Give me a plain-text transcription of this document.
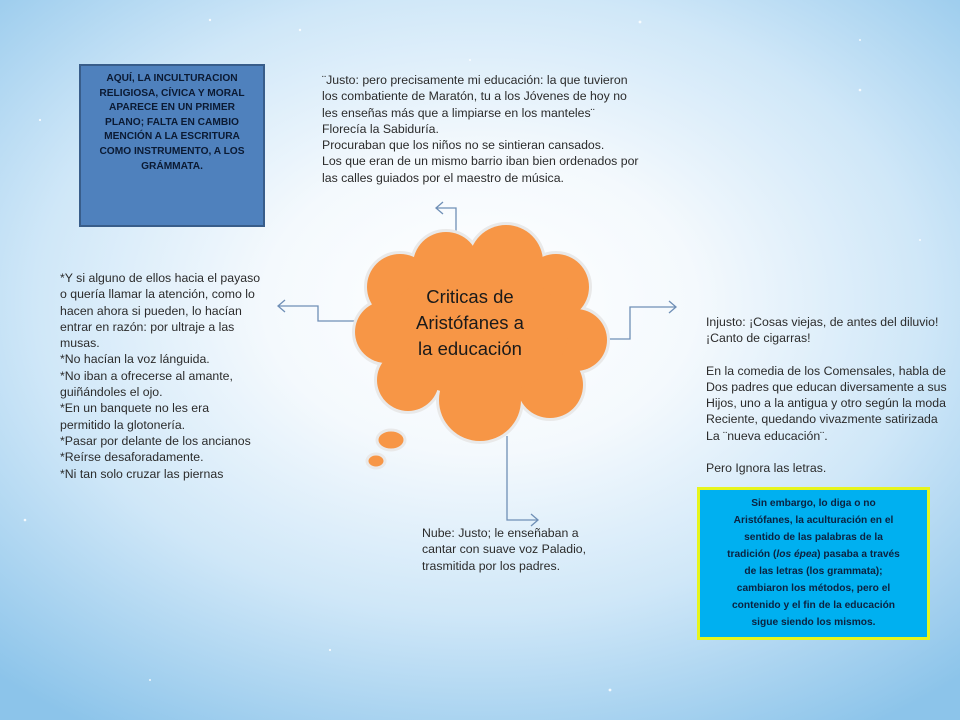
Criticas de
Aristófanes a
la educación
AQUÍ, LA INCULTURACION
RELIGIOSA, CÍVICA Y MORAL
APARECE EN UN PRIMER
PLANO; FALTA EN CAMBIO
MENCIÓN A LA ESCRITURA
COMO INSTRUMENTO, A LOS
GRÁMMATA.

¨Justo: pero precisamente mi educación: la que tuvieron

los combatiente de Maratón, tu a los Jóvenes de hoy no

les enseñas más que a limpiarse en los manteles¨

Florecía la Sabiduría.

Procuraban que los niños no se sintieran cansados.

Los que eran de un mismo barrio iban bien ordenados por

las calles guiados por el maestro de música.

*Y si alguno de ellos hacia el payaso

o quería llamar la atención, como lo

hacen ahora si pueden, lo hacían

entrar en razón: por ultraje a las

musas.

*No hacían la voz lánguida.

*No iban a ofrecerse al amante,

guiñándoles el ojo.

*En un banquete no les era

permitido la glotonería.

*Pasar por delante de los ancianos

*Reírse desaforadamente.

*Ni tan solo cruzar las piernas

Injusto: ¡Cosas viejas, de antes del diluvio!

¡Canto de cigarras!

En la comedia de los Comensales, habla de

Dos padres que educan diversamente a sus

Hijos, uno a la antigua y otro según la moda

Reciente, quedando vivazmente satirizada

La ¨nueva educación¨.

Pero Ignora las letras.

Nube: Justo; le enseñaban a

cantar con suave voz Paladio,

trasmitida por los padres.

Sin embargo, lo diga o no
Aristófanes, la aculturación en el
sentido de las palabras de la
tradición (los épea) pasaba a través
de las letras (los grammata);
cambiaron los métodos, pero el
contenido y el fin de la educación
sigue siendo los mismos.
